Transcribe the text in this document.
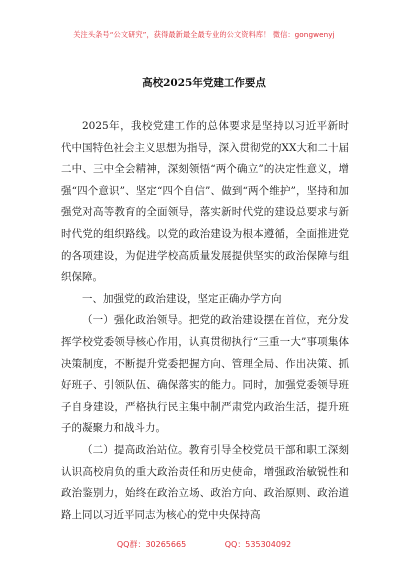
关注头条号“公文研究”，获得最新最全最专业的公文资料库！ 微信：gongwenyj
高校2025年党建工作要点

2025年，我校党建工作的总体要求是坚持以习近平新时代中国特色社会主义思想为指导，深入贯彻党的XX大和二十届二中、三中全会精神，深刻领悟“两个确立”的决定性意义，增强“四个意识”、坚定“四个自信”、做到“两个维护”，坚持和加强党对高等教育的全面领导，落实新时代党的建设总要求与新时代党的组织路线。以党的政治建设为根本遵循，全面推进党的各项建设，为促进学校高质量发展提供坚实的政治保障与组织保障。

一、加强党的政治建设，坚定正确办学方向

（一）强化政治领导。把党的政治建设摆在首位，充分发挥学校党委领导核心作用，认真贯彻执行“三重一大”事项集体决策制度，不断提升党委把握方向、管理全局、作出决策、抓好班子、引领队伍、确保落实的能力。同时，加强党委领导班子自身建设，严格执行民主集中制严肃党内政治生活，提升班子的凝聚力和战斗力。

（二）提高政治站位。教育引导全校党员干部和职工深刻认识高校肩负的重大政治责任和历史使命，增强政治敏锐性和政治鉴别力，始终在政治立场、政治方向、政治原则、政治道路上同以习近平同志为核心的党中央保持高

QQ群：30265665	QQ：535304092
